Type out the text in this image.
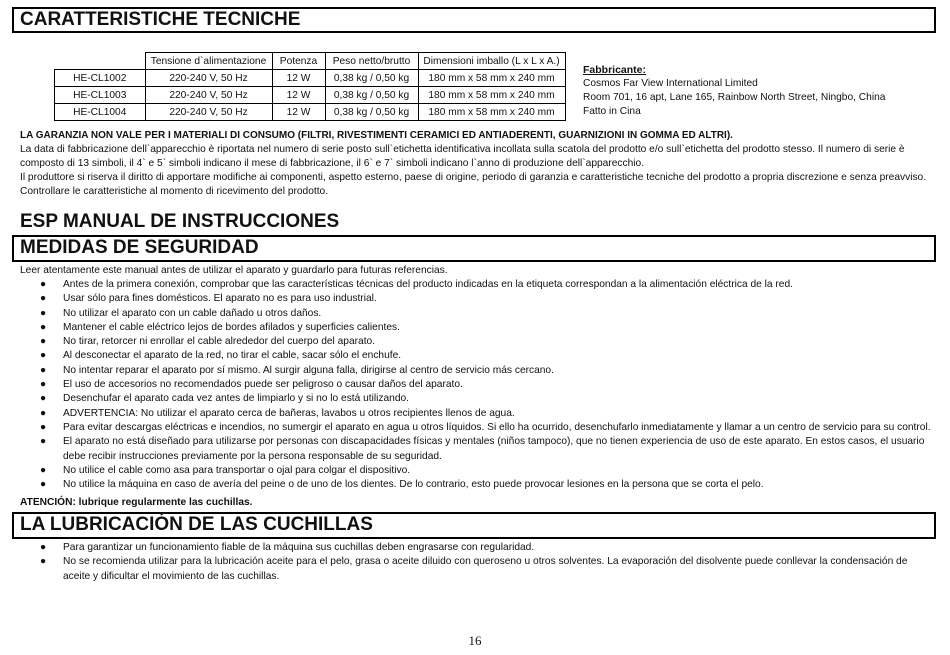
CARATTERISTICHE TECNICHE
	Tensione d`alimentazione	Potenza	Peso netto/brutto	Dimensioni imballo (L x L x A.)
HE-CL1002	220-240 V, 50 Hz	12 W	0,38 kg / 0,50 kg	180 mm x 58 mm x 240 mm
HE-CL1003	220-240 V, 50 Hz	12 W	0,38 kg / 0,50 kg	180 mm x 58 mm x 240 mm
HE-CL1004	220-240 V, 50 Hz	12 W	0,38 kg / 0,50 kg	180 mm x 58 mm x 240 mm
Fabbricante:
Cosmos Far View International Limited
Room 701, 16 apt, Lane 165, Rainbow North Street, Ningbo, China
Fatto in Cina

LA GARANZIA NON VALE PER I MATERIALI DI CONSUMO (FILTRI, RIVESTIMENTI CERAMICI ED ANTIADERENTI, GUARNIZIONI IN GOMMA ED ALTRI).

La data di fabbricazione dell`apparecchio è riportata nel numero di serie posto sull`etichetta identificativa incollata sulla scatola del prodotto e/o sull`etichetta del prodotto stesso. Il numero di serie è composto di 13 simboli, il 4` e 5` simboli indicano il mese di fabbricazione, il 6` e 7` simboli indicano l`anno di produzione dell`apparecchio.

Il produttore si riserva il diritto di apportare modifiche ai componenti, aspetto esterno, paese di origine, periodo di garanzia e caratteristiche tecniche del prodotto a propria discrezione e senza preavviso. Controllare le caratteristiche al momento di ricevimento del prodotto.

ESP MANUAL DE INSTRUCCIONES
MEDIDAS DE SEGURIDAD

Leer atentamente este manual antes de utilizar el aparato y guardarlo para futuras referencias.

● Antes de la primera conexión, comprobar que las características técnicas del producto indicadas en la etiqueta correspondan a la alimentación eléctrica de la red.
● Usar sólo para fines domésticos. El aparato no es para uso industrial.
● No utilizar el aparato con un cable dañado u otros daños.
● Mantener el cable eléctrico lejos de bordes afilados y superficies calientes.
● No tirar, retorcer ni enrollar el cable alrededor del cuerpo del aparato.
● Al desconectar el aparato de la red, no tirar el cable, sacar sólo el enchufe.
● No intentar reparar el aparato por sí mismo. Al surgir alguna falla, dirigirse al centro de servicio más cercano.
● El uso de accesorios no recomendados puede ser peligroso o causar daños del aparato.
● Desenchufar el aparato cada vez antes de limpiarlo y si no lo está utilizando.
● ADVERTENCIA: No utilizar el aparato cerca de bañeras, lavabos u otros recipientes llenos de agua.
● Para evitar descargas eléctricas e incendios, no sumergir el aparato en agua u otros líquidos. Si ello ha ocurrido, desenchufarlo inmediatamente y llamar a un centro de servicio para su control.
● El aparato no está diseñado para utilizarse por personas con discapacidades físicas y mentales (niños tampoco), que no tienen experiencia de uso de este aparato. En estos casos, el usuario debe recibir instrucciones previamente por la persona responsable de su seguridad.
● No utilice el cable como asa para transportar o ojal para colgar el dispositivo.
● No utilice la máquina en caso de avería del peine o de uno de los dientes. De lo contrario, esto puede provocar lesiones en la persona que se corta el pelo.

ATENCIÓN: lubrique regularmente las cuchillas.

LA LUBRICACIÓN DE LAS CUCHILLAS
● Para garantizar un funcionamiento fiable de la máquina sus cuchillas deben engrasarse con regularidad.
● No se recomienda utilizar para la lubricación aceite para el pelo, grasa o aceite diluido con queroseno u otros solventes. La evaporación del disolvente puede conllevar la condensación de aceite y dificultar el movimiento de las cuchillas.
16
